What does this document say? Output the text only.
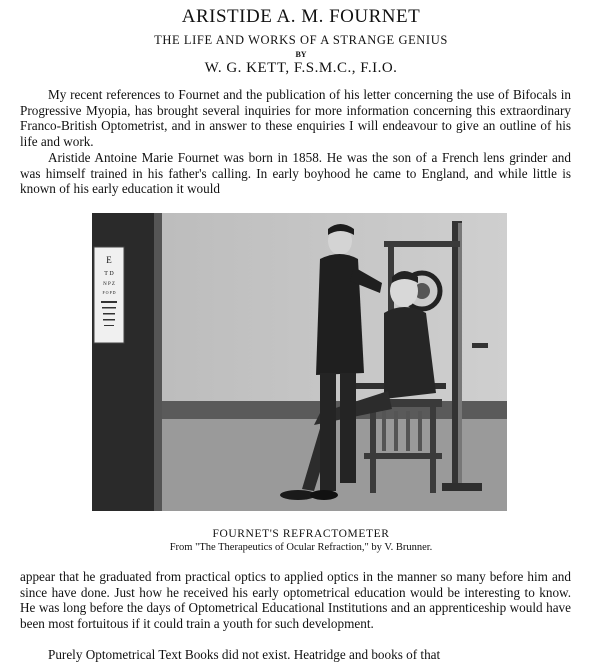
ARISTIDE A. M. FOURNET
THE LIFE AND WORKS OF A STRANGE GENIUS
BY
W. G. KETT, F.S.M.C., F.I.O.

My recent references to Fournet and the publication of his letter concerning the use of Bifocals in Progressive Myopia, has brought several inquiries for more information concerning this extraordinary Franco-British Optometrist, and in answer to these enquiries I will endeavour to give an outline of his life and work.

Aristide Antoine Marie Fournet was born in 1858. He was the son of a French lens grinder and was himself trained in his father's calling. In early boyhood he came to England, and while little is known of his early education it would

E
T D
N P Z
F O P D
FOURNET'S REFRACTOMETER
From "The Therapeutics of Ocular Refraction," by V. Brunner.

appear that he graduated from practical optics to applied optics in the manner so many before him and since have done. Just how he received his early optometrical education would be interesting to know. He was long before the days of Optometrical Educational Institutions and an apprenticeship would have been most fortuitous if it could train a youth for such development.

Purely Optometrical Text Books did not exist. Heatridge and books of that
